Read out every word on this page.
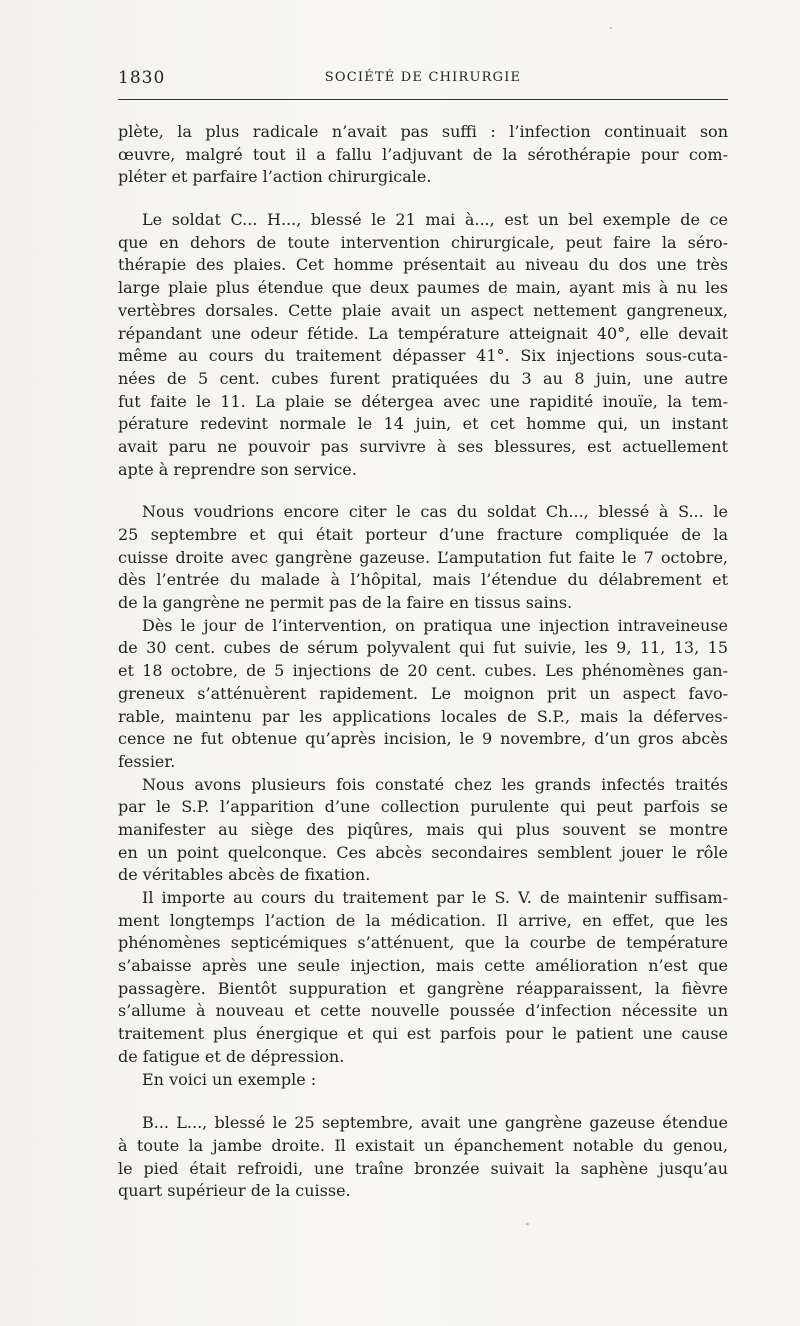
1830	SOCIÉTÉ DE CHIRURGIE
plète, la plus radicale n’avait pas suffi : l’infection continuait son
œuvre, malgré tout il a fallu l’adjuvant de la sérothérapie pour com-
pléter et parfaire l’action chirurgicale.
Le soldat C... H..., blessé le 21 mai à..., est un bel exemple de ce
que en dehors de toute intervention chirurgicale, peut faire la séro-
thérapie des plaies. Cet homme présentait au niveau du dos une très
large plaie plus étendue que deux paumes de main, ayant mis à nu les
vertèbres dorsales. Cette plaie avait un aspect nettement gangreneux,
répandant une odeur fétide. La température atteignait 40°, elle devait
même au cours du traitement dépasser 41°. Six injections sous-cuta-
nées de 5 cent. cubes furent pratiquées du 3 au 8 juin, une autre
fut faite le 11. La plaie se détergea avec une rapidité inouïe, la tem-
pérature redevint normale le 14 juin, et cet homme qui, un instant
avait paru ne pouvoir pas survivre à ses blessures, est actuellement
apte à reprendre son service.
Nous voudrions encore citer le cas du soldat Ch..., blessé à S... le
25 septembre et qui était porteur d’une fracture compliquée de la
cuisse droite avec gangrène gazeuse. L’amputation fut faite le 7 octobre,
dès l’entrée du malade à l’hôpital, mais l’étendue du délabrement et
de la gangrène ne permit pas de la faire en tissus sains.
Dès le jour de l’intervention, on pratiqua une injection intraveineuse
de 30 cent. cubes de sérum polyvalent qui fut suivie, les 9, 11, 13, 15
et 18 octobre, de 5 injections de 20 cent. cubes. Les phénomènes gan-
greneux s’atténuèrent rapidement. Le moignon prit un aspect favo-
rable, maintenu par les applications locales de S.P., mais la déferves-
cence ne fut obtenue qu’après incision, le 9 novembre, d’un gros abcès
fessier.
Nous avons plusieurs fois constaté chez les grands infectés traités
par le S.P. l’apparition d’une collection purulente qui peut parfois se
manifester au siège des piqûres, mais qui plus souvent se montre
en un point quelconque. Ces abcès secondaires semblent jouer le rôle
de véritables abcès de fixation.
Il importe au cours du traitement par le S. V. de maintenir suffisam-
ment longtemps l’action de la médication. Il arrive, en effet, que les
phénomènes septicémiques s’atténuent, que la courbe de température
s’abaisse après une seule injection, mais cette amélioration n’est que
passagère. Bientôt suppuration et gangrène réapparaissent, la fièvre
s’allume à nouveau et cette nouvelle poussée d’infection nécessite un
traitement plus énergique et qui est parfois pour le patient une cause
de fatigue et de dépression.
En voici un exemple :
B... L..., blessé le 25 septembre, avait une gangrène gazeuse étendue
à toute la jambe droite. Il existait un épanchement notable du genou,
le pied était refroidi, une traîne bronzée suivait la saphène jusqu’au
quart supérieur de la cuisse.
